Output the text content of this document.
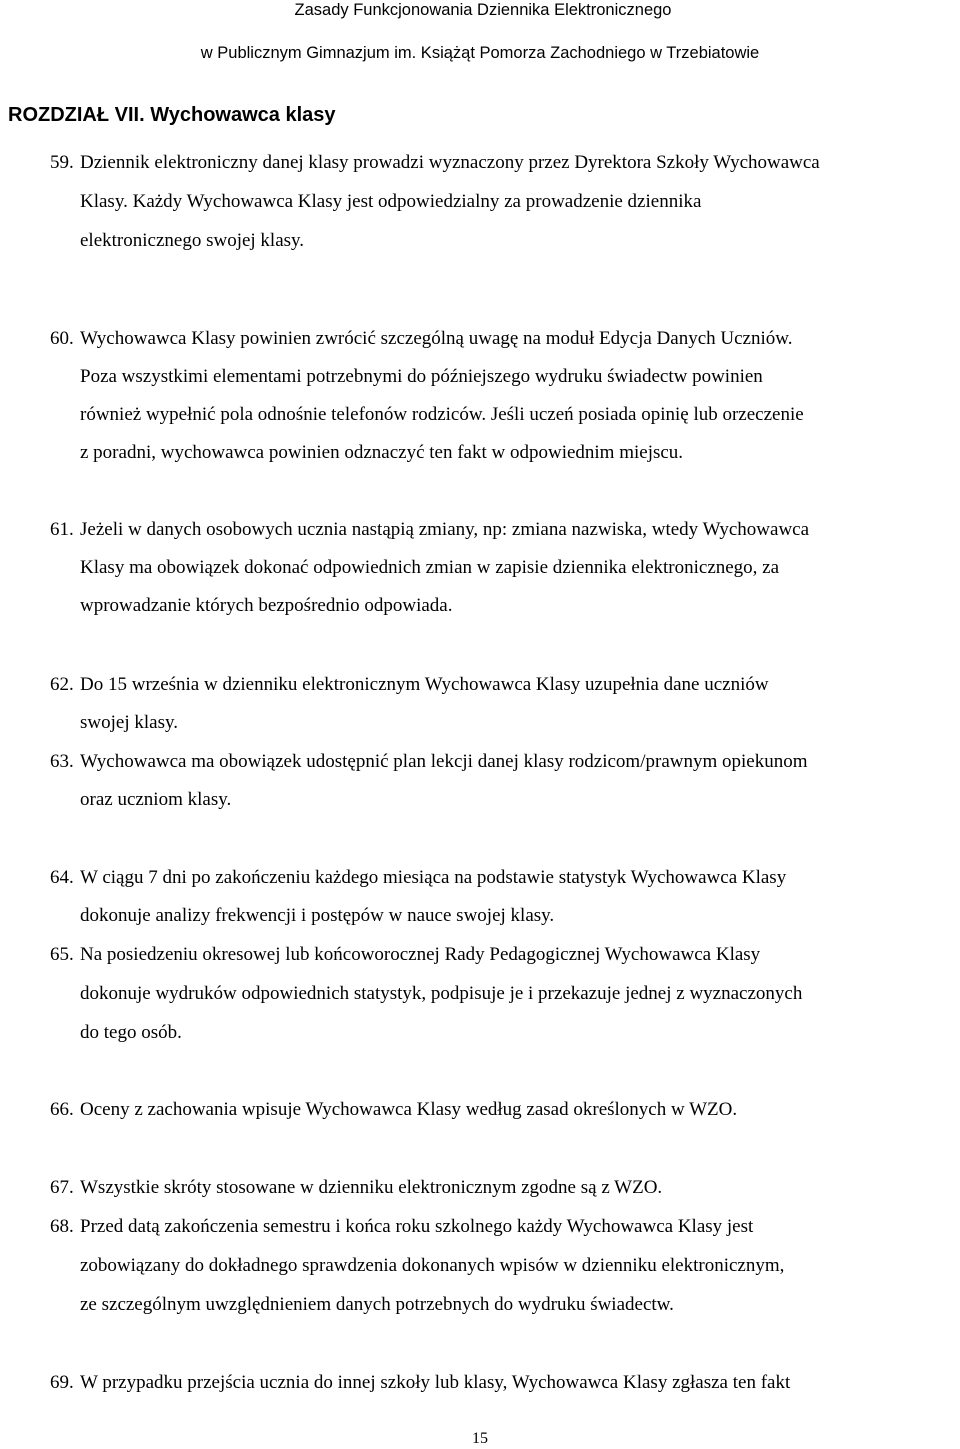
Zasady Funkcjonowania Dziennika Elektronicznego
w Publicznym Gimnazjum im. Książąt Pomorza Zachodniego w Trzebiatowie
ROZDZIAŁ VII. Wychowawca klasy
59. Dziennik elektroniczny danej klasy prowadzi wyznaczony przez Dyrektora Szkoły Wychowawca
Klasy. Każdy Wychowawca Klasy jest odpowiedzialny za prowadzenie dziennika
elektronicznego swojej klasy.
60. Wychowawca Klasy powinien zwrócić szczególną uwagę na moduł Edycja Danych Uczniów.
Poza wszystkimi elementami potrzebnymi do późniejszego wydruku świadectw powinien
również wypełnić pola odnośnie telefonów rodziców. Jeśli uczeń posiada opinię lub orzeczenie
z poradni, wychowawca powinien odznaczyć ten fakt w odpowiednim miejscu.
61. Jeżeli w danych osobowych ucznia nastąpią zmiany, np: zmiana nazwiska, wtedy Wychowawca
Klasy ma obowiązek dokonać odpowiednich zmian w zapisie dziennika elektronicznego, za
wprowadzanie których bezpośrednio odpowiada.
62. Do 15 września w dzienniku elektronicznym Wychowawca Klasy uzupełnia dane uczniów
swojej klasy.
63. Wychowawca ma obowiązek udostępnić plan lekcji danej klasy rodzicom/prawnym opiekunom
oraz uczniom klasy.
64. W ciągu 7 dni po zakończeniu każdego miesiąca na podstawie statystyk Wychowawca Klasy
dokonuje analizy frekwencji i postępów w nauce swojej klasy.
65. Na posiedzeniu okresowej lub końcoworocznej Rady Pedagogicznej Wychowawca Klasy
dokonuje wydruków odpowiednich statystyk, podpisuje je i przekazuje jednej z wyznaczonych
do tego osób.
66. Oceny z zachowania wpisuje Wychowawca Klasy według zasad określonych w WZO.
67. Wszystkie skróty stosowane w dzienniku elektronicznym zgodne są z WZO.
68. Przed datą zakończenia semestru i końca roku szkolnego każdy Wychowawca Klasy jest
zobowiązany do dokładnego sprawdzenia dokonanych wpisów w dzienniku elektronicznym,
ze szczególnym uwzględnieniem danych potrzebnych do wydruku świadectw.
69. W przypadku przejścia ucznia do innej szkoły lub klasy, Wychowawca Klasy zgłasza ten fakt
15
